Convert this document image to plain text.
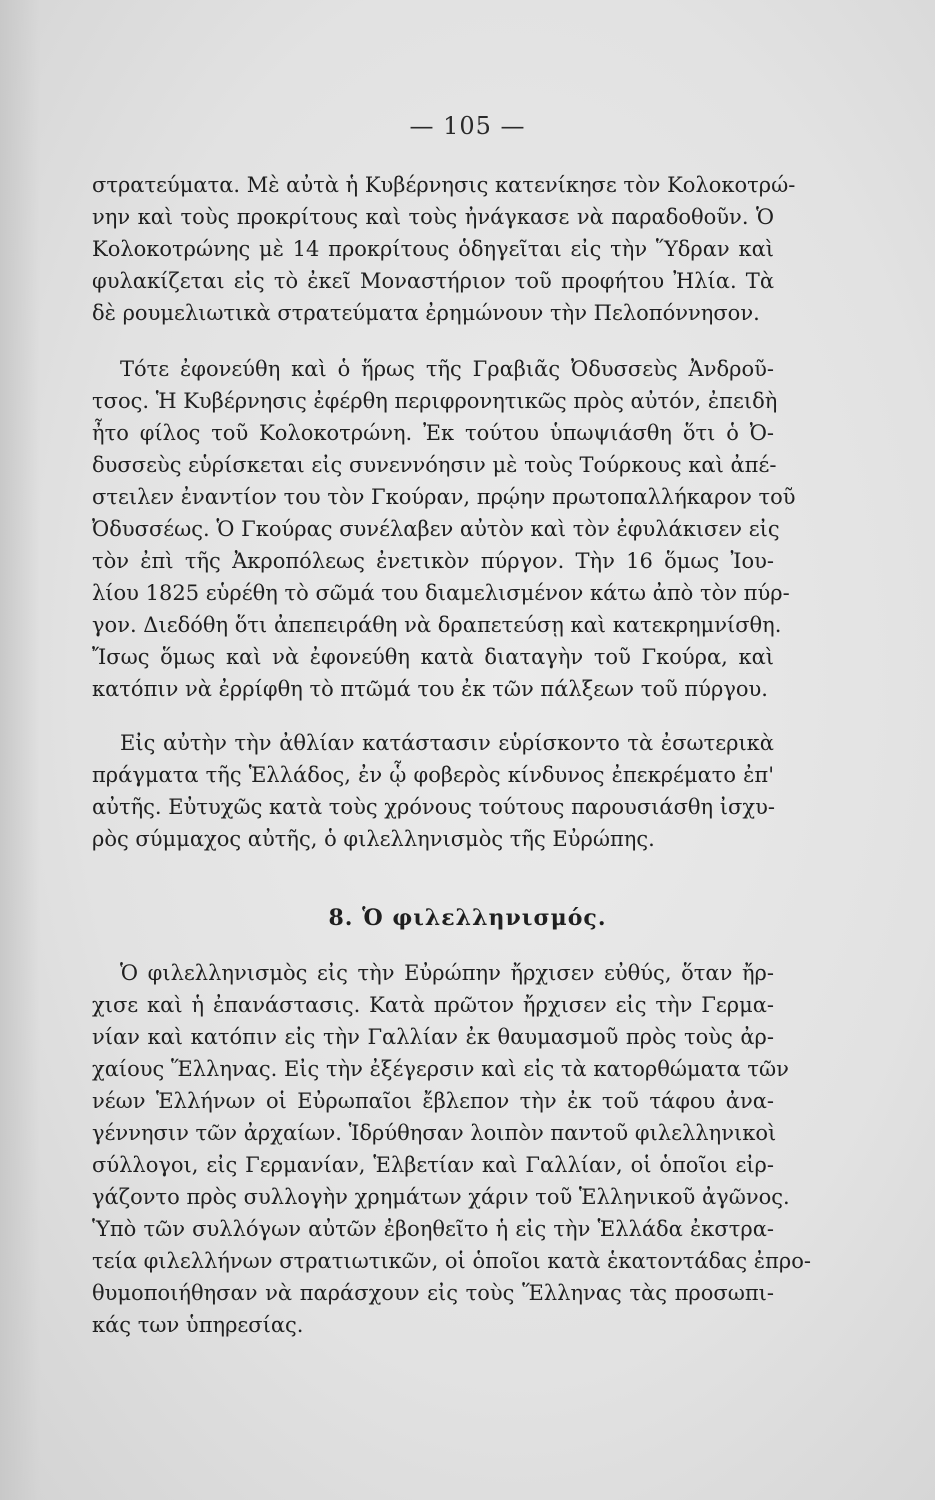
— 105 —
στρατεύματα. Μὲ αὐτὰ ἡ Κυβέρνησις κατενίκησε τὸν Κολοκοτρώ-
νην καὶ τοὺς προκρίτους καὶ τοὺς ἠνάγκασε νὰ παραδοθοῦν. Ὁ
Κολοκοτρώνης μὲ 14 προκρίτους ὁδηγεῖται εἰς τὴν Ὕδραν καὶ
φυλακίζεται εἰς τὸ ἐκεῖ Μοναστήριον τοῦ προφήτου Ἠλία. Τὰ
δὲ ρουμελιωτικὰ στρατεύματα ἐρημώνουν τὴν Πελοπόννησον.
Τότε ἐφονεύθη καὶ ὁ ἥρως τῆς Γραβιᾶς Ὀδυσσεὺς Ἀνδροῦ-
τσος. Ἡ Κυβέρνησις ἐφέρθη περιφρονητικῶς πρὸς αὐτόν, ἐπειδὴ
ἦτο φίλος τοῦ Κολοκοτρώνη. Ἐκ τούτου ὑπωψιάσθη ὅτι ὁ Ὀ-
δυσσεὺς εὑρίσκεται εἰς συνεννόησιν μὲ τοὺς Τούρκους καὶ ἀπέ-
στειλεν ἐναντίον του τὸν Γκούραν, πρῴην πρωτοπαλλήκαρον τοῦ
Ὀδυσσέως. Ὁ Γκούρας συνέλαβεν αὐτὸν καὶ τὸν ἐφυλάκισεν εἰς
τὸν ἐπὶ τῆς Ἀκροπόλεως ἐνετικὸν πύργον. Τὴν 16 ὅμως Ἰου-
λίου 1825 εὑρέθη τὸ σῶμά του διαμελισμένον κάτω ἀπὸ τὸν πύρ-
γον. Διεδόθη ὅτι ἀπεπειράθη νὰ δραπετεύσῃ καὶ κατεκρημνίσθη.
Ἴσως ὅμως καὶ νὰ ἐφονεύθη κατὰ διαταγὴν τοῦ Γκούρα, καὶ
κατόπιν νὰ ἐρρίφθη τὸ πτῶμά του ἐκ τῶν πάλξεων τοῦ πύργου.
Εἰς αὐτὴν τὴν ἀθλίαν κατάστασιν εὑρίσκοντο τὰ ἐσωτερικὰ
πράγματα τῆς Ἑλλάδος, ἐν ᾧ φοβερὸς κίνδυνος ἐπεκρέματο ἐπ'
αὐτῆς. Εὐτυχῶς κατὰ τοὺς χρόνους τούτους παρουσιάσθη ἰσχυ-
ρὸς σύμμαχος αὐτῆς, ὁ φιλελληνισμὸς τῆς Εὐρώπης.
8. Ὁ φιλελληνισμός.
Ὁ φιλελληνισμὸς εἰς τὴν Εὐρώπην ἤρχισεν εὐθύς, ὅταν ἤρ-
χισε καὶ ἡ ἐπανάστασις. Κατὰ πρῶτον ἤρχισεν εἰς τὴν Γερμα-
νίαν καὶ κατόπιν εἰς τὴν Γαλλίαν ἐκ θαυμασμοῦ πρὸς τοὺς ἀρ-
χαίους Ἕλληνας. Εἰς τὴν ἐξέγερσιν καὶ εἰς τὰ κατορθώματα τῶν
νέων Ἑλλήνων οἱ Εὐρωπαῖοι ἔβλεπον τὴν ἐκ τοῦ τάφου ἀνα-
γέννησιν τῶν ἀρχαίων. Ἱδρύθησαν λοιπὸν παντοῦ φιλελληνικοὶ
σύλλογοι, εἰς Γερμανίαν, Ἑλβετίαν καὶ Γαλλίαν, οἱ ὁποῖοι εἰρ-
γάζοντο πρὸς συλλογὴν χρημάτων χάριν τοῦ Ἑλληνικοῦ ἀγῶνος.
Ὑπὸ τῶν συλλόγων αὐτῶν ἐβοηθεῖτο ἡ εἰς τὴν Ἑλλάδα ἐκστρα-
τεία φιλελλήνων στρατιωτικῶν, οἱ ὁποῖοι κατὰ ἑκατοντάδας ἐπρο-
θυμοποιήθησαν νὰ παράσχουν εἰς τοὺς Ἕλληνας τὰς προσωπι-
κάς των ὑπηρεσίας.
